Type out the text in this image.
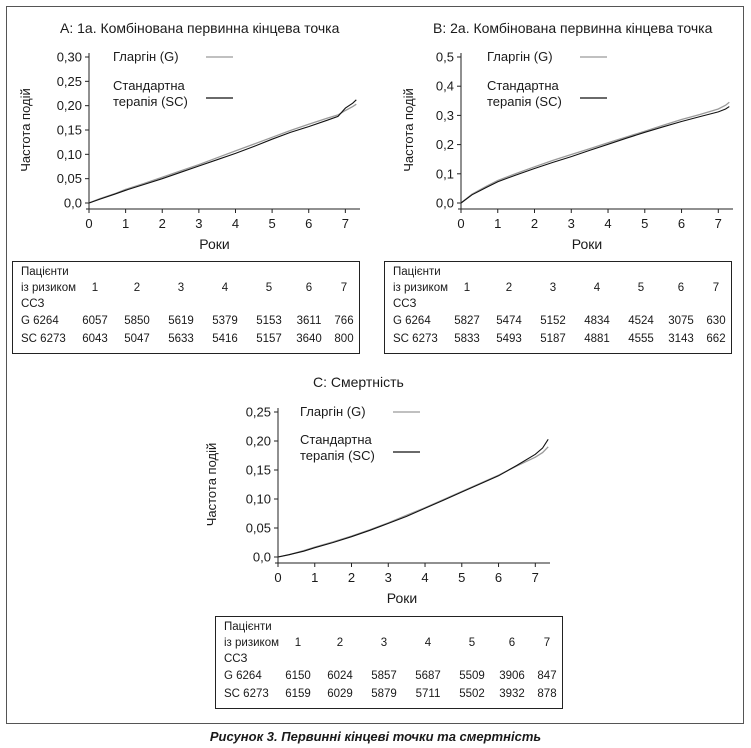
A: 1a. Комбінована первинна кінцева точка
0,0
0,05
0,10
0,15
0,20
0,25
0,30
0 1 2 3 4 5 6 7
Роки
Частота подій
Гларгін (G)
Стандартна терапія (SC)
Пацієнти
із ризиком	1	2	3	4	5	6	7
ССЗ
G 6264	6057	5850	5619	5379	5153	3611	766
SC 6273	6043	5047	5633	5416	5157	3640	800
B: 2a. Комбінована первинна кінцева точка
0,0
0,1
0,2
0,3
0,4
0,5
0 1 2 3 4 5 6 7
Роки
Частота подій
Гларгін (G)
Стандартна терапія (SC)
Пацієнти
із ризиком	1	2	3	4	5	6	7
ССЗ
G 6264	5827	5474	5152	4834	4524	3075	630
SC 6273	5833	5493	5187	4881	4555	3143	662
C: Смертність
0,0
0,05
0,10
0,15
0,20
0,25
0 1 2 3 4 5 6 7
Роки
Частота подій
Гларгін (G)
Стандартна терапія (SC)
Пацієнти
із ризиком	1	2	3	4	5	6	7
ССЗ
G 6264	6150	6024	5857	5687	5509	3906	847
SC 6273	6159	6029	5879	5711	5502	3932	878
Рисунок 3. Первинні кінцеві точки та смертність
